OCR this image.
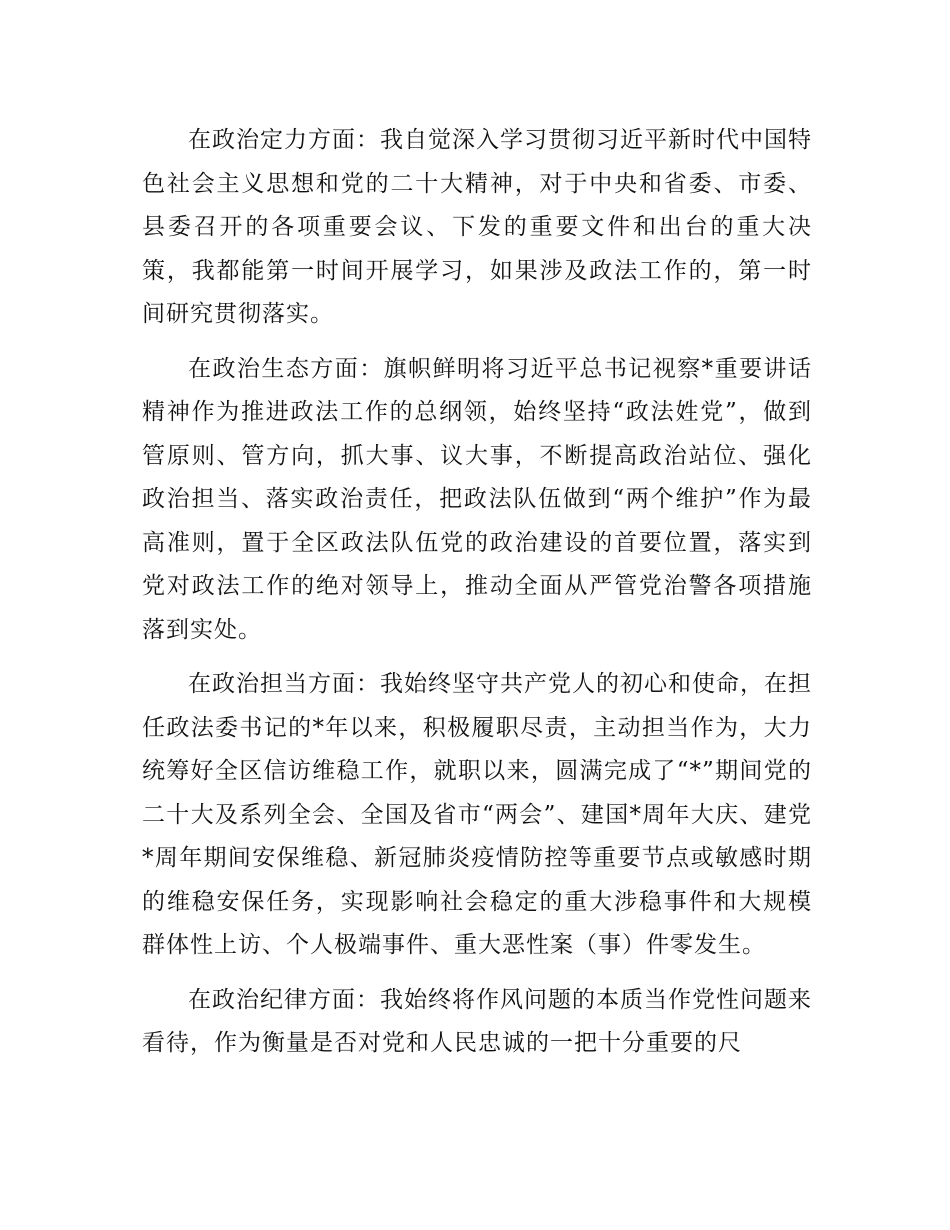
在政治定力方面：我自觉深入学习贯彻习近平新时代中国特色社会主义思想和党的二十大精神，对于中央和省委、市委、县委召开的各项重要会议、下发的重要文件和出台的重大决策，我都能第一时间开展学习，如果涉及政法工作的，第一时间研究贯彻落实。

在政治生态方面：旗帜鲜明将习近平总书记视察*重要讲话精神作为推进政法工作的总纲领，始终坚持“政法姓党”，做到管原则、管方向，抓大事、议大事，不断提高政治站位、强化政治担当、落实政治责任，把政法队伍做到“两个维护”作为最高准则，置于全区政法队伍党的政治建设的首要位置，落实到党对政法工作的绝对领导上，推动全面从严管党治警各项措施落到实处。

在政治担当方面：我始终坚守共产党人的初心和使命，在担任政法委书记的*年以来，积极履职尽责，主动担当作为，大力统筹好全区信访维稳工作，就职以来，圆满完成了“*”期间党的二十大及系列全会、全国及省市“两会”、建国*周年大庆、建党*周年期间安保维稳、新冠肺炎疫情防控等重要节点或敏感时期的维稳安保任务，实现影响社会稳定的重大涉稳事件和大规模群体性上访、个人极端事件、重大恶性案（事）件零发生。

在政治纪律方面：我始终将作风问题的本质当作党性问题来看待，作为衡量是否对党和人民忠诚的一把十分重要的尺
